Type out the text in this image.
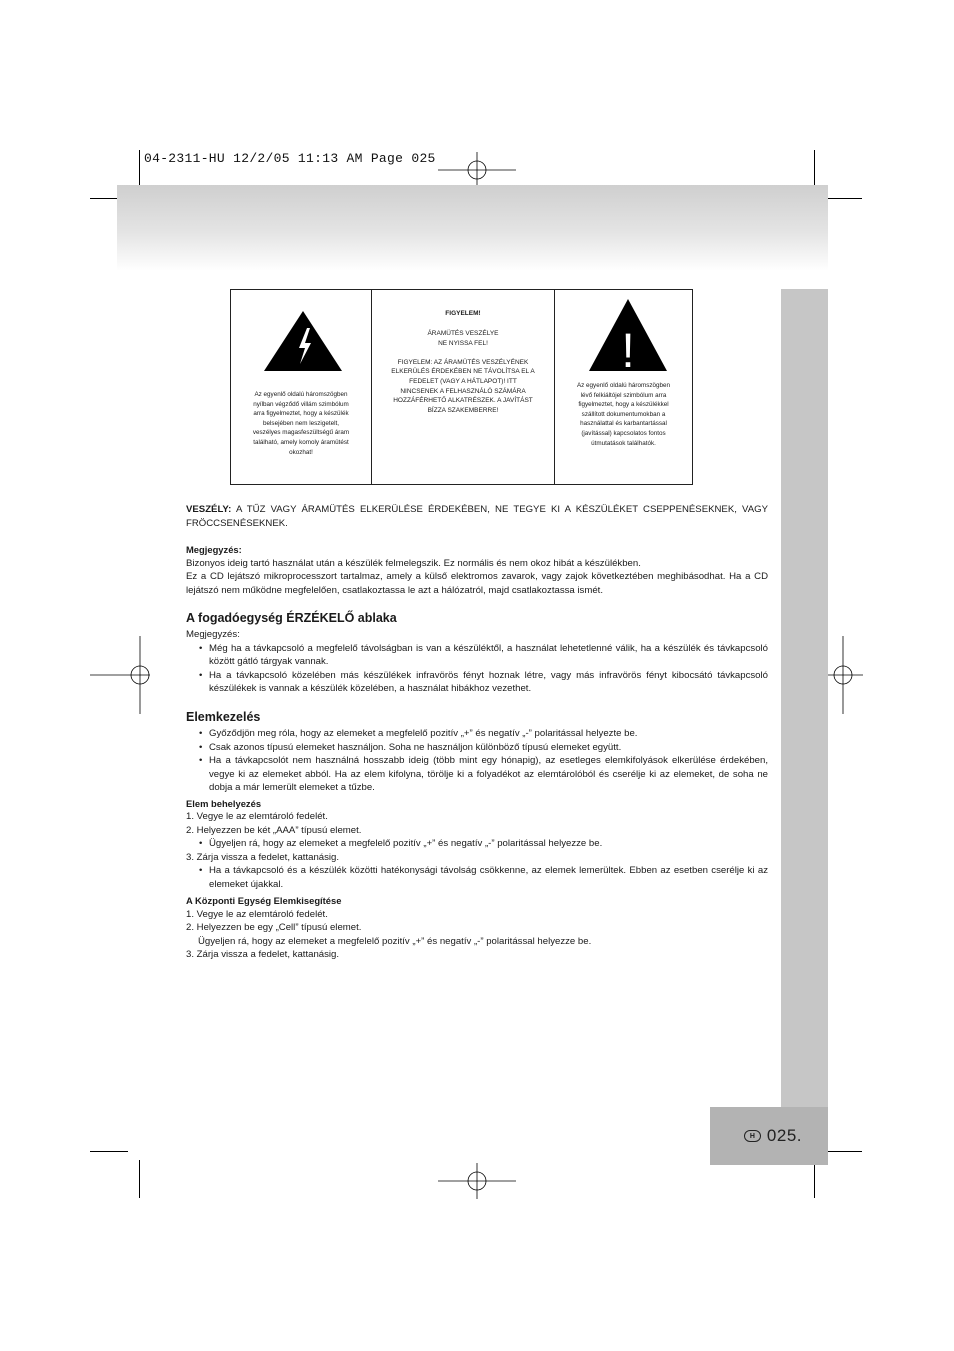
04-2311-HU 12/2/05 11:13 AM Page 025
H 025.
Az egyenlő oldalú háromszögben
nyílban végződő villám szimbólum
arra figyelmeztet, hogy a készülék
belsejében nem leszigetelt,
veszélyes magasfeszültségű áram
található, amely komoly áramütést
okozhat!
FIGYELEM!
ÁRAMÜTÉS VESZÉLYE
NE NYISSA FEL!
FIGYELEM: AZ ÁRAMÜTÉS VESZÉLYÉNEK
ELKERÜLÉS ÉRDEKÉBEN NE TÁVOLÍTSA EL A
FEDELET (VAGY A HÁTLAPOT)! ITT
NINCSENEK A FELHASZNÁLÓ SZÁMÁRA
HOZZÁFÉRHETŐ ALKATRÉSZEK. A JAVÍTÁST
BÍZZA SZAKEMBERRE!
!
Az egyenlő oldalú háromszögben
lévő felkiáltójel szimbólum arra
figyelmeztet, hogy a készülékkel
szállított dokumentumokban a
használattal és karbantartással
(javítással) kapcsolatos fontos
útmutatások találhatók.

VESZÉLY: A TŰZ VAGY ÁRAMÜTÉS ELKERÜLÉSE ÉRDEKÉBEN, NE TEGYE KI A KÉSZÜLÉKET CSEPPENÉSEKNEK, VAGY FRÖCCSENÉSEKNEK.

Megjegyzés:

Bizonyos ideig tartó használat után a készülék felmelegszik. Ez normális és nem okoz hibát a készülékben.

Ez a CD lejátszó mikroprocesszort tartalmaz, amely a külső elektromos zavarok, vagy zajok következtében meghibásodhat. Ha a CD lejátszó nem működne megfelelően, csatlakoztassa le azt a hálózatról, majd csatlakoztassa ismét.

A fogadóegység ÉRZÉKELŐ ablaka
Megjegyzés:
• Még ha a távkapcsoló a megfelelő távolságban is van a készüléktől, a használat lehetetlenné válik, ha a készülék és távkapcsoló között gátló tárgyak vannak.
• Ha a távkapcsoló közelében más készülékek infravörös fényt hoznak létre, vagy más infravörös fényt kibocsátó távkapcsoló készülékek is vannak a készülék közelében, a használat hibákhoz vezethet.
Elemkezelés
• Győződjön meg róla, hogy az elemeket a megfelelő pozitív „+” és negatív „-” polaritással helyezte be.
• Csak azonos típusú elemeket használjon. Soha ne használjon különböző típusú elemeket együtt.
• Ha a távkapcsolót nem használná hosszabb ideig (több mint egy hónapig), az esetleges elemkifolyások elkerülése érdekében, vegye ki az elemeket abból. Ha az elem kifolyna, törölje ki a folyadékot az elemtárolóból és cserélje ki az elemeket, de soha ne dobja a már lemerült elemeket a tűzbe.
Elem behelyezés
1. Vegye le az elemtároló fedelét.
2. Helyezzen be két „AAA” típusú elemet.
• Ügyeljen rá, hogy az elemeket a megfelelő pozitív „+” és negatív „-” polaritással helyezze be.
3. Zárja vissza a fedelet, kattanásig.
• Ha a távkapcsoló és a készülék közötti hatékonysági távolság csökkenne, az elemek lemerültek. Ebben az esetben cserélje ki az elemeket újakkal.
A Központi Egység Elemkisegítése
1. Vegye le az elemtároló fedelét.
2. Helyezzen be egy „Cell” típusú elemet.
Ügyeljen rá, hogy az elemeket a megfelelő pozitív „+” és negatív „-” polaritással helyezze be.
3. Zárja vissza a fedelet, kattanásig.
